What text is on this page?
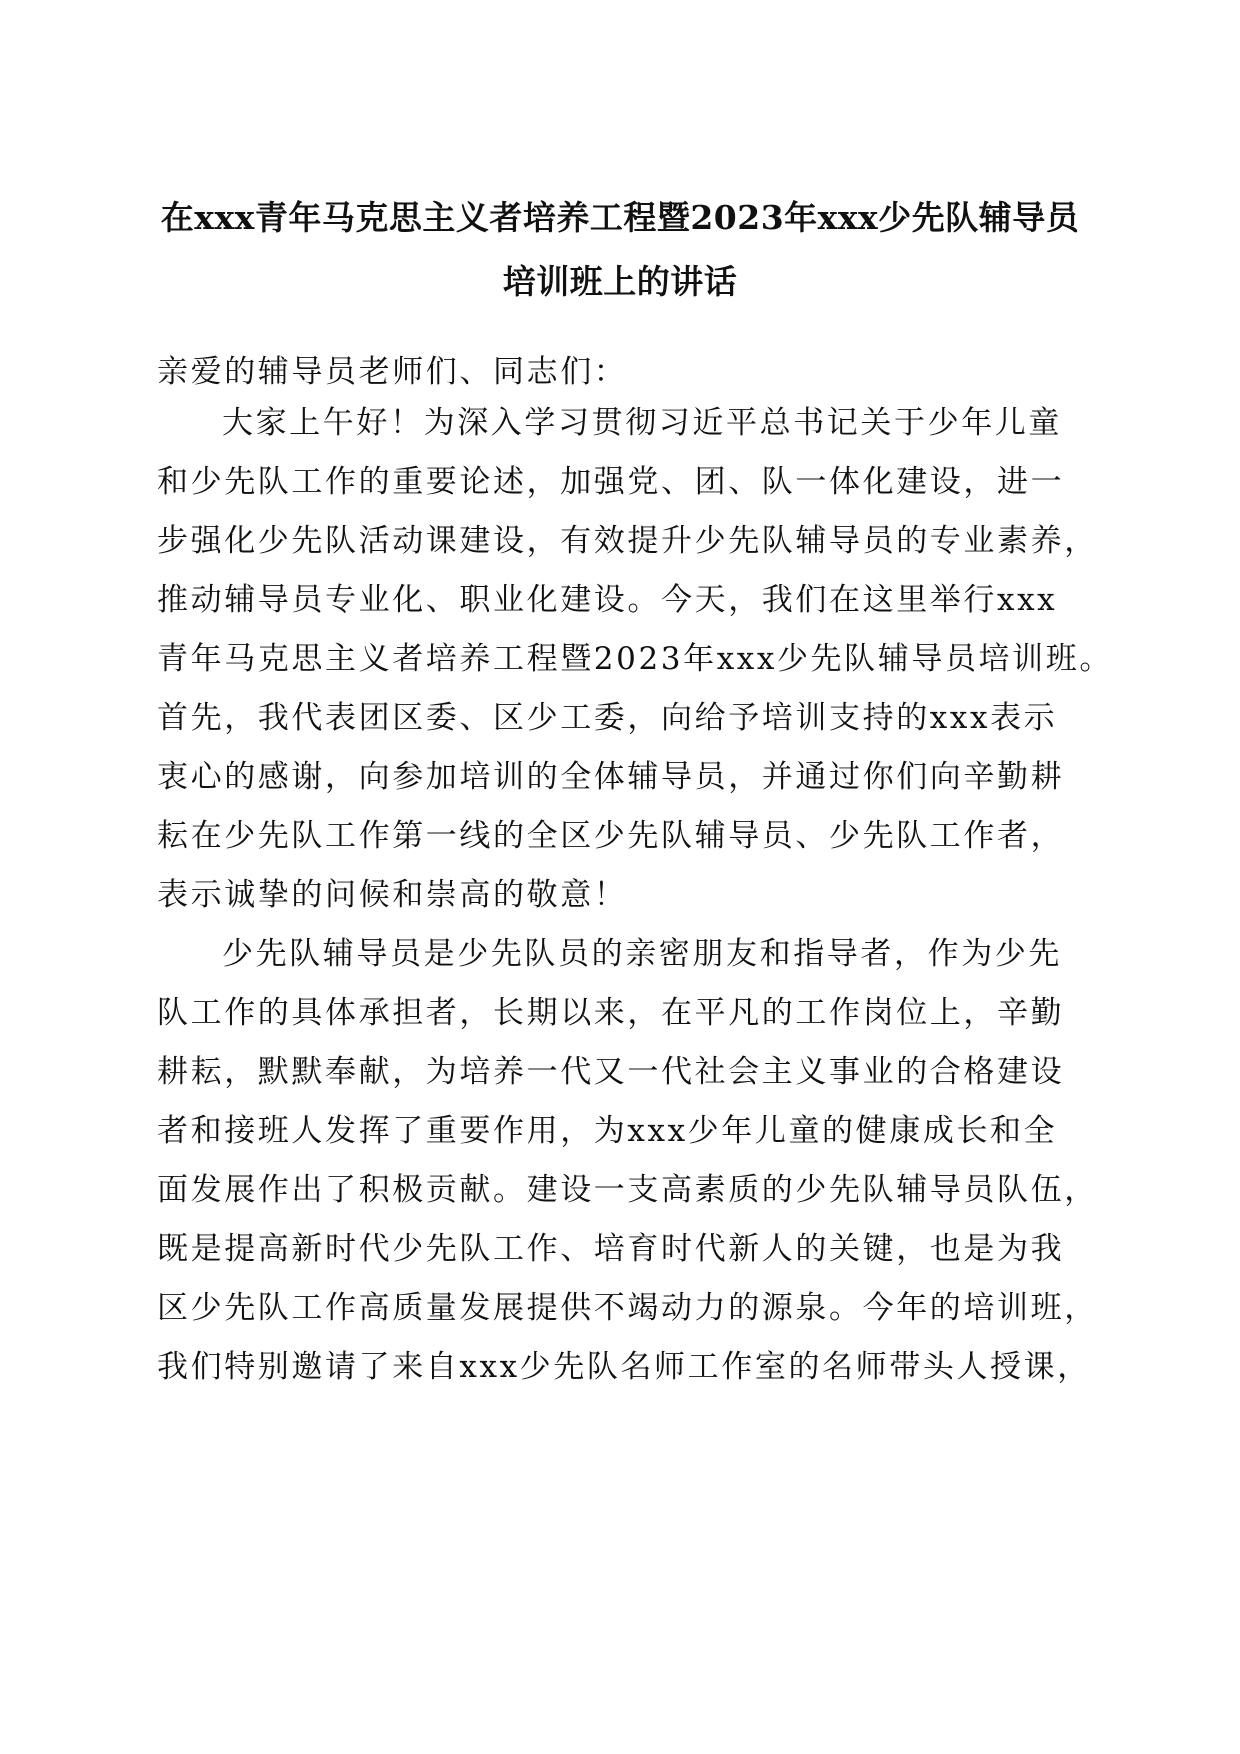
在xxx青年马克思主义者培养工程暨2023年xxx少先队辅导员
培训班上的讲话
亲爱的辅导员老师们、同志们：
大家上午好！为深入学习贯彻习近平总书记关于少年儿童
和少先队工作的重要论述，加强党、团、队一体化建设，进一
步强化少先队活动课建设，有效提升少先队辅导员的专业素养，
推动辅导员专业化、职业化建设。今天，我们在这里举行xxx
青年马克思主义者培养工程暨2023年xxx少先队辅导员培训班。
首先，我代表团区委、区少工委，向给予培训支持的xxx表示
衷心的感谢，向参加培训的全体辅导员，并通过你们向辛勤耕
耘在少先队工作第一线的全区少先队辅导员、少先队工作者，
表示诚挚的问候和崇高的敬意！
少先队辅导员是少先队员的亲密朋友和指导者，作为少先
队工作的具体承担者，长期以来，在平凡的工作岗位上，辛勤
耕耘，默默奉献，为培养一代又一代社会主义事业的合格建设
者和接班人发挥了重要作用，为xxx少年儿童的健康成长和全
面发展作出了积极贡献。建设一支高素质的少先队辅导员队伍，
既是提高新时代少先队工作、培育时代新人的关键，也是为我
区少先队工作高质量发展提供不竭动力的源泉。今年的培训班，
我们特别邀请了来自xxx少先队名师工作室的名师带头人授课，
